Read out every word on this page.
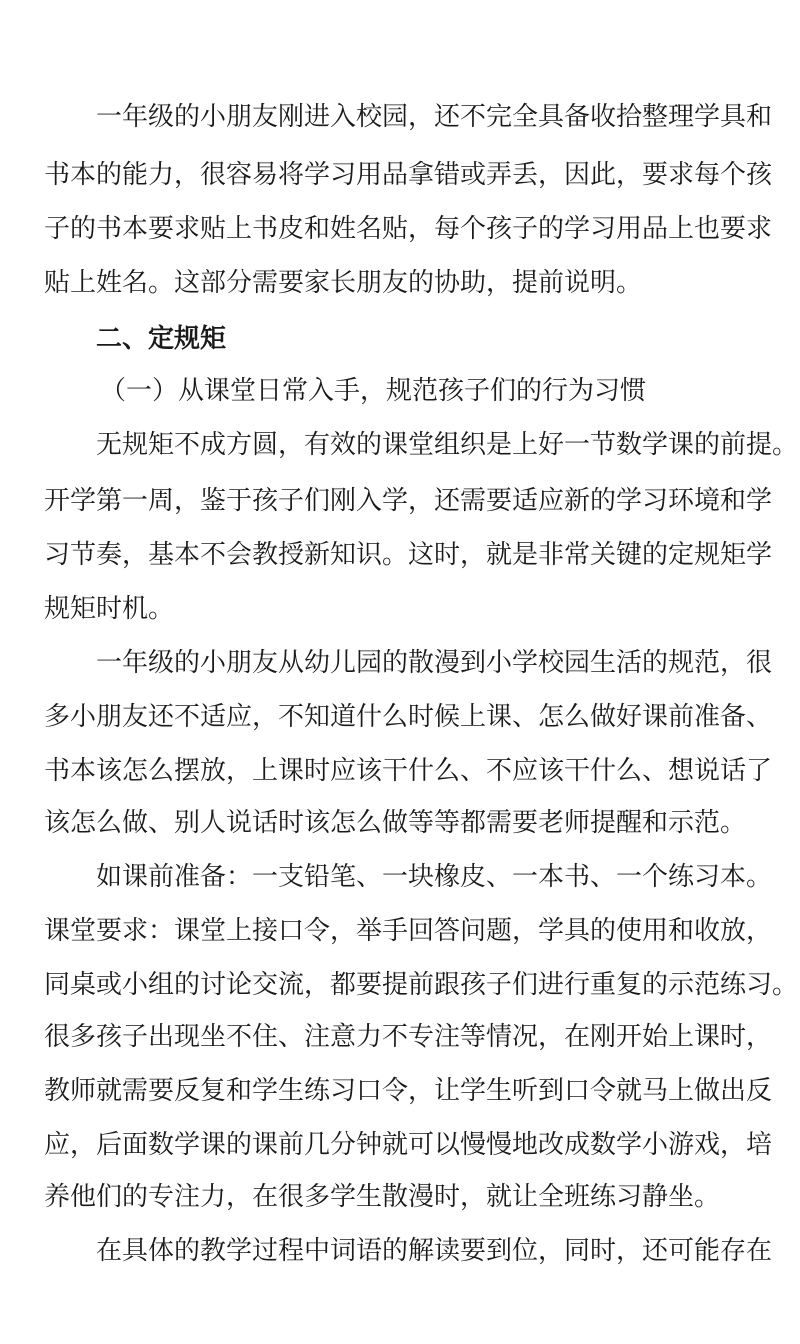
一年级的小朋友刚进入校园，还不完全具备收拾整理学具和
书本的能力，很容易将学习用品拿错或弄丢，因此，要求每个孩
子的书本要求贴上书皮和姓名贴，每个孩子的学习用品上也要求
贴上姓名。这部分需要家长朋友的协助，提前说明。
二、定规矩
（一）从课堂日常入手，规范孩子们的行为习惯
无规矩不成方圆，有效的课堂组织是上好一节数学课的前提。
开学第一周，鉴于孩子们刚入学，还需要适应新的学习环境和学
习节奏，基本不会教授新知识。这时，就是非常关键的定规矩学
规矩时机。
一年级的小朋友从幼儿园的散漫到小学校园生活的规范，很
多小朋友还不适应，不知道什么时候上课、怎么做好课前准备、
书本该怎么摆放，上课时应该干什么、不应该干什么、想说话了
该怎么做、别人说话时该怎么做等等都需要老师提醒和示范。
如课前准备：一支铅笔、一块橡皮、一本书、一个练习本。
课堂要求：课堂上接口令，举手回答问题，学具的使用和收放，
同桌或小组的讨论交流，都要提前跟孩子们进行重复的示范练习。
很多孩子出现坐不住、注意力不专注等情况，在刚开始上课时，
教师就需要反复和学生练习口令，让学生听到口令就马上做出反
应，后面数学课的课前几分钟就可以慢慢地改成数学小游戏，培
养他们的专注力，在很多学生散漫时，就让全班练习静坐。
在具体的教学过程中词语的解读要到位，同时，还可能存在
